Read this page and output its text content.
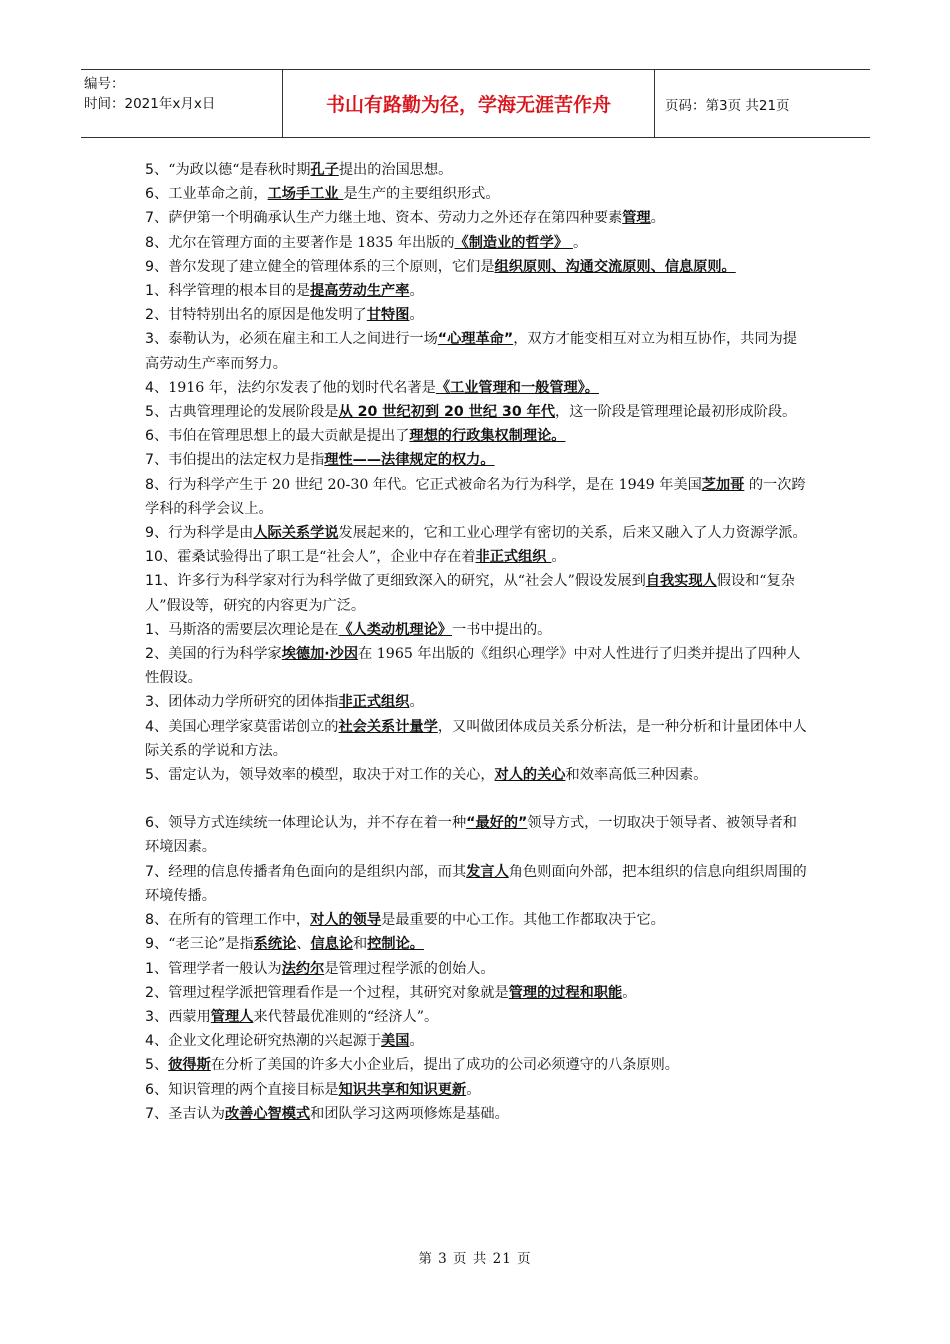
编号：
时间：2021年x月x日	书山有路勤为径，学海无涯苦作舟	页码：第3页 共21页
5、“为政以德“是春秋时期孔子提出的治国思想。
6、工业革命之前，工场手工业 是生产的主要组织形式。
7、萨伊第一个明确承认生产力继土地、资本、劳动力之外还存在第四种要素管理。
8、尤尔在管理方面的主要著作是 1835 年出版的《制造业的哲学》 。
9、普尔发现了建立健全的管理体系的三个原则，它们是组织原则、沟通交流原则、信息原则。
1、科学管理的根本目的是提高劳动生产率。
2、甘特特别出名的原因是他发明了甘特图。
3、泰勒认为，必须在雇主和工人之间进行一场“心理革命”，双方才能变相互对立为相互协作，共同为提高劳动生产率而努力。
4、1916 年，法约尔发表了他的划时代名著是《工业管理和一般管理》。
5、古典管理理论的发展阶段是从 20 世纪初到 20 世纪 30 年代，这一阶段是管理理论最初形成阶段。
6、韦伯在管理思想上的最大贡献是提出了理想的行政集权制理论。
7、韦伯提出的法定权力是指理性——法律规定的权力。
8、行为科学产生于 20 世纪 20-30 年代。它正式被命名为行为科学，是在 1949 年美国芝加哥 的一次跨学科的科学会议上。
9、行为科学是由人际关系学说发展起来的，它和工业心理学有密切的关系，后来又融入了人力资源学派。
10、霍桑试验得出了职工是“社会人”，企业中存在着非正式组织 。
11、许多行为科学家对行为科学做了更细致深入的研究，从“社会人”假设发展到自我实现人假设和“复杂人”假设等，研究的内容更为广泛。
1、马斯洛的需要层次理论是在《人类动机理论》一书中提出的。
2、美国的行为科学家埃德加·沙因在 1965 年出版的《组织心理学》中对人性进行了归类并提出了四种人性假设。
3、团体动力学所研究的团体指非正式组织。
4、美国心理学家莫雷诺创立的社会关系计量学，又叫做团体成员关系分析法，是一种分析和计量团体中人际关系的学说和方法。
5、雷定认为，领导效率的模型，取决于对工作的关心，对人的关心和效率高低三种因素。
6、领导方式连续统一体理论认为，并不存在着一种“最好的”领导方式，一切取决于领导者、被领导者和环境因素。
7、经理的信息传播者角色面向的是组织内部，而其发言人角色则面向外部，把本组织的信息向组织周围的环境传播。
8、在所有的管理工作中，对人的领导是最重要的中心工作。其他工作都取决于它。
9、“老三论”是指系统论、信息论和控制论。
1、管理学者一般认为法约尔是管理过程学派的创始人。
2、管理过程学派把管理看作是一个过程，其研究对象就是管理的过程和职能。
3、西蒙用管理人来代替最优准则的“经济人”。
4、企业文化理论研究热潮的兴起源于美国。
5、彼得斯在分析了美国的许多大小企业后，提出了成功的公司必须遵守的八条原则。
6、知识管理的两个直接目标是知识共享和知识更新。
7、圣吉认为改善心智模式和团队学习这两项修炼是基础。
第 3 页 共 21 页
